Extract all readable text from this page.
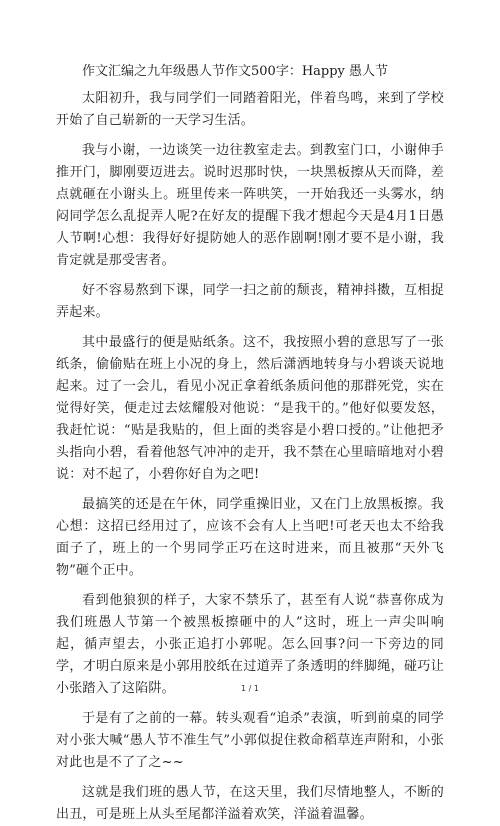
作文汇编之九年级愚人节作文500字：Happy 愚人节

太阳初升，我与同学们一同踏着阳光，伴着鸟鸣，来到了学校开始了自己崭新的一天学习生活。

我与小谢，一边谈笑一边往教室走去。到教室门口，小谢伸手推开门，脚刚要迈进去。说时迟那时快，一块黑板擦从天而降，差点就砸在小谢头上。班里传来一阵哄笑，一开始我还一头雾水，纳闷同学怎么乱捉弄人呢?在好友的提醒下我才想起今天是4月1日愚人节啊!心想：我得好好提防她人的恶作剧啊!刚才要不是小谢，我肯定就是那受害者。

好不容易熬到下课，同学一扫之前的颓丧，精神抖擞，互相捉弄起来。

其中最盛行的便是贴纸条。这不，我按照小碧的意思写了一张纸条，偷偷贴在班上小况的身上，然后潇洒地转身与小碧谈天说地起来。过了一会儿，看见小况正拿着纸条质问他的那群死党，实在觉得好笑，便走过去炫耀般对他说：“是我干的。”他好似要发怒，我赶忙说：“贴是我贴的，但上面的类容是小碧口授的。”让他把矛头指向小碧，看着他怒气冲冲的走开，我不禁在心里暗暗地对小碧说：对不起了，小碧你好自为之吧!

最搞笑的还是在午休，同学重操旧业，又在门上放黑板擦。我心想：这招已经用过了，应该不会有人上当吧!可老天也太不给我面子了，班上的一个男同学正巧在这时进来，而且被那“天外飞物”砸个正中。

看到他狼狈的样子，大家不禁乐了，甚至有人说“恭喜你成为我们班愚人节第一个被黑板擦砸中的人”这时，班上一声尖叫响起，循声望去，小张正追打小郭呢。怎么回事?问一下旁边的同学，才明白原来是小郭用胶纸在过道弄了条透明的绊脚绳，碰巧让小张踏入了这陷阱。

于是有了之前的一幕。转头观看“追杀”表演，听到前桌的同学对小张大喊“愚人节不准生气”小郭似捉住救命稻草连声附和，小张对此也是不了了之~~

这就是我们班的愚人节，在这天里，我们尽情地整人，不断的出丑，可是班上从头至尾都洋溢着欢笑，洋溢着温馨。

1 / 1
